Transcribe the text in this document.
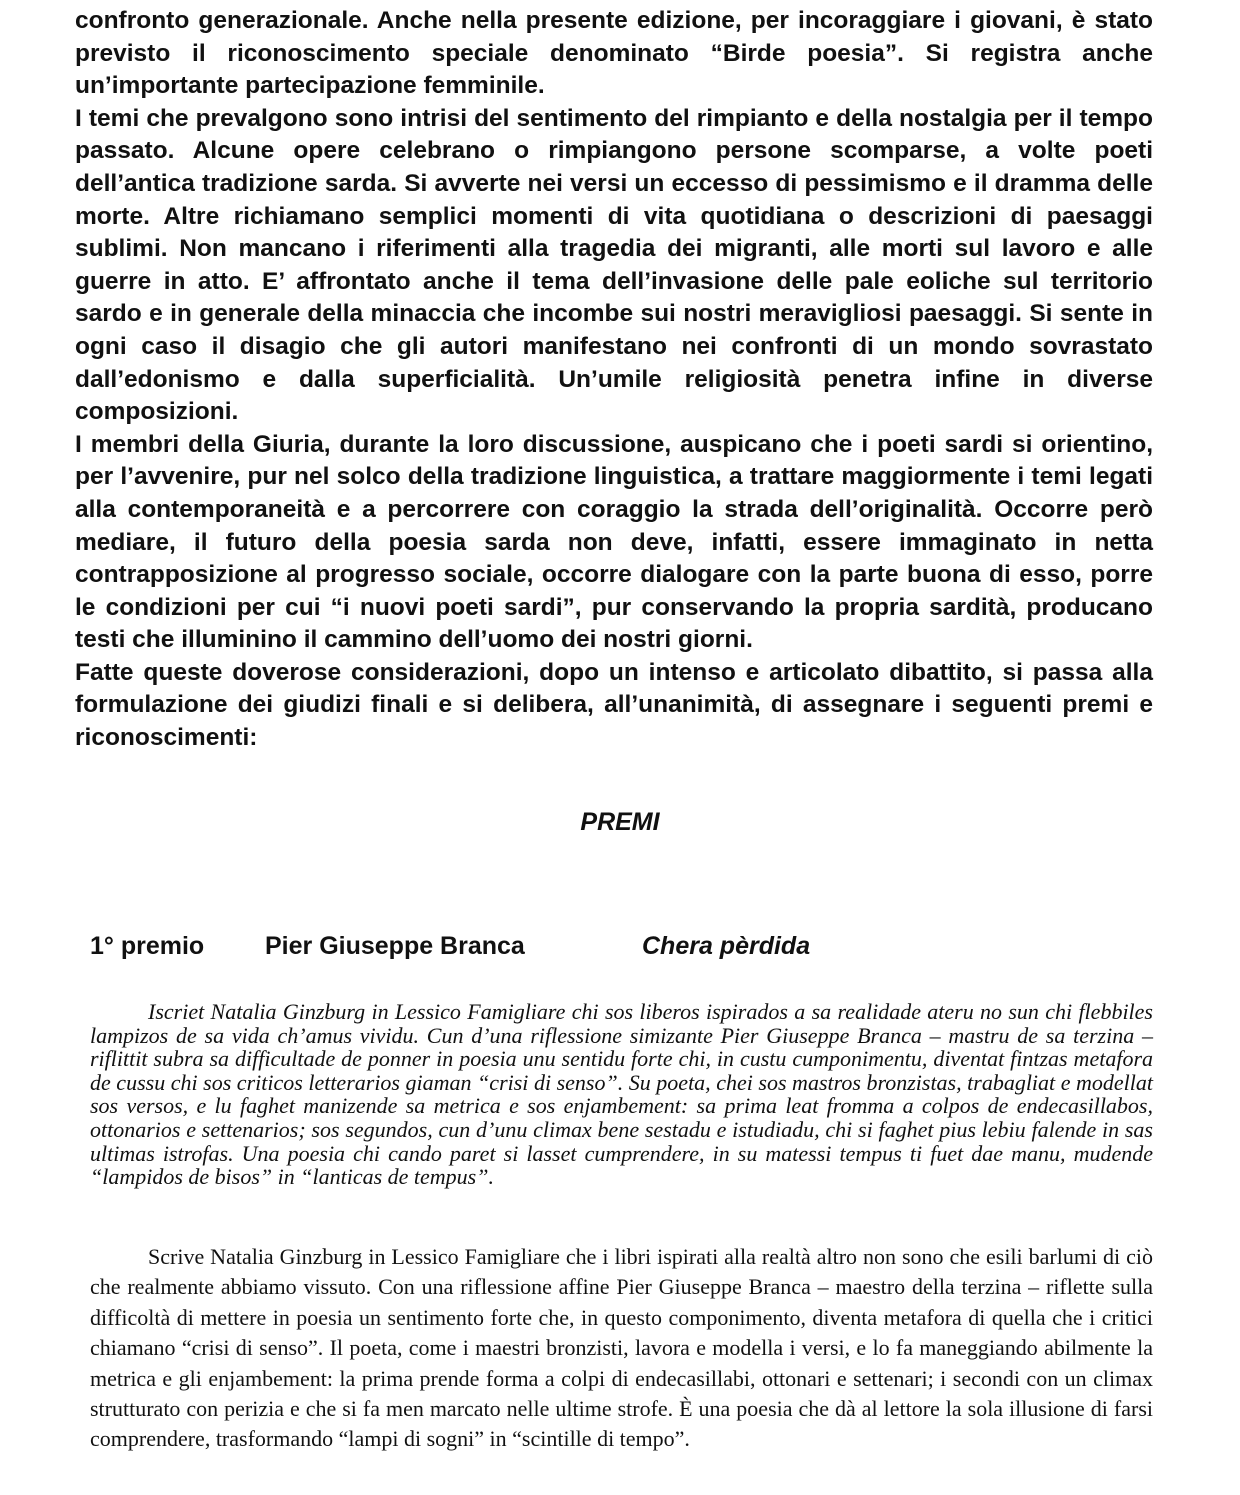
confronto generazionale. Anche nella presente edizione, per incoraggiare i giovani, è stato previsto il riconoscimento speciale denominato “Birde poesia”. Si registra anche un’importante partecipazione femminile.

I temi che prevalgono sono intrisi del sentimento del rimpianto e della nostalgia per il tempo passato. Alcune opere celebrano o rimpiangono persone scomparse, a volte poeti dell’antica tradizione sarda. Si avverte nei versi un eccesso di pessimismo e il dramma delle morte. Altre richiamano semplici momenti di vita quotidiana o descrizioni di paesaggi sublimi. Non mancano i riferimenti alla tragedia dei migranti, alle morti sul lavoro e alle guerre in atto. E’ affrontato anche il tema dell’invasione delle pale eoliche sul territorio sardo e in generale della minaccia che incombe sui nostri meravigliosi paesaggi. Si sente in ogni caso il disagio che gli autori manifestano nei confronti di un mondo sovrastato dall’edonismo e dalla superficialità. Un’umile religiosità penetra infine in diverse composizioni.

I membri della Giuria, durante la loro discussione, auspicano che i poeti sardi si orientino, per l’avvenire, pur nel solco della tradizione linguistica, a trattare maggiormente i temi legati alla contemporaneità e a percorrere con coraggio la strada dell’originalità. Occorre però mediare, il futuro della poesia sarda non deve, infatti, essere immaginato in netta contrapposizione al progresso sociale, occorre dialogare con la parte buona di esso, porre le condizioni per cui “i nuovi poeti sardi”, pur conservando la propria sardità, producano testi che illuminino il cammino dell’uomo dei nostri giorni.

Fatte queste doverose considerazioni, dopo un intenso e articolato dibattito, si passa alla formulazione dei giudizi finali e si delibera, all’unanimità, di assegnare i seguenti premi e riconoscimenti:

PREMI
1° premio Pier Giuseppe Branca	Chera pèrdida

Iscriet Natalia Ginzburg in Lessico Famigliare chi sos liberos ispirados a sa realidade ateru no sun chi flebbiles lampizos de sa vida ch’amus vividu. Cun d’una riflessione simizante Pier Giuseppe Branca – mastru de sa terzina – riflittit subra sa difficultade de ponner in poesia unu sentidu forte chi, in custu cumponimentu, diventat fintzas metafora de cussu chi sos criticos letterarios giaman “crisi di senso”. Su poeta, chei sos mastros bronzistas, trabagliat e modellat sos versos, e lu faghet manizende sa metrica e sos enjambement: sa prima leat fromma a colpos de endecasillabos, ottonarios e settenarios; sos segundos, cun d’unu climax bene sestadu e istudiadu, chi si faghet pius lebiu falende in sas ultimas istrofas. Una poesia chi cando paret si lasset cumprendere, in su matessi tempus ti fuet dae manu, mudende “lampidos de bisos” in “lanticas de tempus”.

Scrive Natalia Ginzburg in Lessico Famigliare che i libri ispirati alla realtà altro non sono che esili barlumi di ciò che realmente abbiamo vissuto. Con una riflessione affine Pier Giuseppe Branca – maestro della terzina – riflette sulla difficoltà di mettere in poesia un sentimento forte che, in questo componimento, diventa metafora di quella che i critici chiamano “crisi di senso”. Il poeta, come i maestri bronzisti, lavora e modella i versi, e lo fa maneggiando abilmente la metrica e gli enjambement: la prima prende forma a colpi di endecasillabi, ottonari e settenari; i secondi con un climax strutturato con perizia e che si fa men marcato nelle ultime strofe. È una poesia che dà al lettore la sola illusione di farsi comprendere, trasformando “lampi di sogni” in “scintille di tempo”.
